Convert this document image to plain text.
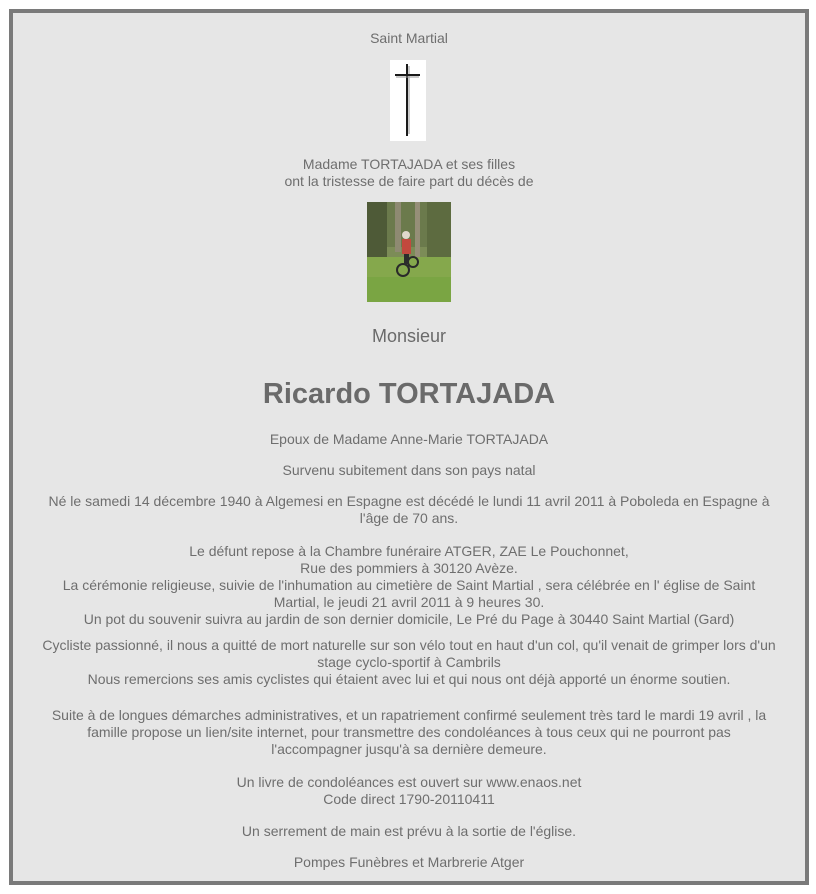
Saint Martial
Madame TORTAJADA et ses filles
ont la tristesse de faire part du décès de
Monsieur
Ricardo TORTAJADA
Epoux de Madame Anne-Marie TORTAJADA
Survenu subitement dans son pays natal
Né le samedi 14 décembre 1940 à Algemesi en Espagne est décédé le lundi 11 avril 2011 à Poboleda en Espagne à
l'âge de 70 ans.
Le défunt repose à la Chambre funéraire ATGER, ZAE Le Pouchonnet,
Rue des pommiers à 30120 Avèze.
La cérémonie religieuse, suivie de l'inhumation au cimetière de Saint Martial , sera célébrée en l' église de Saint
Martial, le jeudi 21 avril 2011 à 9 heures 30.
Un pot du souvenir suivra au jardin de son dernier domicile, Le Pré du Page à 30440 Saint Martial (Gard)
Cycliste passionné, il nous a quitté de mort naturelle sur son vélo tout en haut d'un col, qu'il venait de grimper lors d'un
stage cyclo-sportif à Cambrils
Nous remercions ses amis cyclistes qui étaient avec lui et qui nous ont déjà apporté un énorme soutien.
Suite à de longues démarches administratives, et un rapatriement confirmé seulement très tard le mardi 19 avril , la
famille propose un lien/site internet, pour transmettre des condoléances à tous ceux qui ne pourront pas
l'accompagner jusqu'à sa dernière demeure.
Un livre de condoléances est ouvert sur www.enaos.net
Code direct 1790-20110411
Un serrement de main est prévu à la sortie de l'église.
Pompes Funèbres et Marbrerie Atger
